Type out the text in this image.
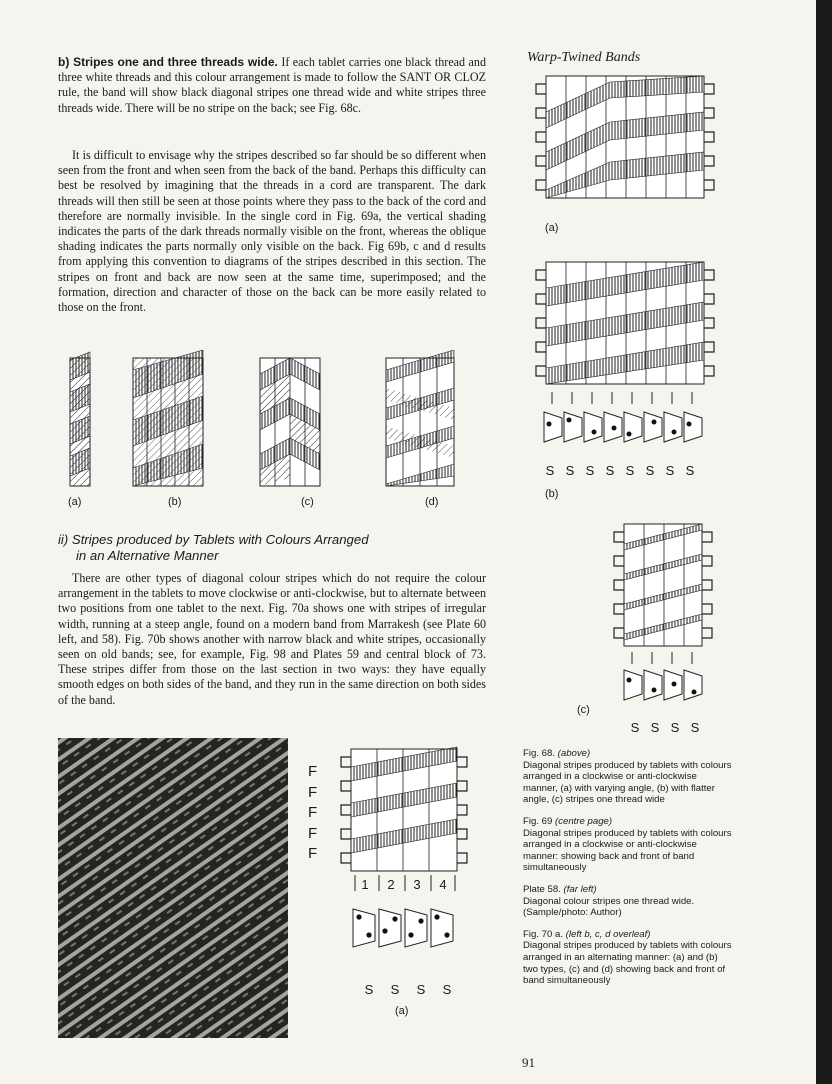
Warp-Twined Bands

b) Stripes one and three threads wide. If each tablet carries one black thread and three white threads and this colour arrangement is made to follow the SANT OR CLOZ rule, the band will show black diagonal stripes one thread wide and white stripes three threads wide. There will be no stripe on the back; see Fig. 68c.

It is difficult to envisage why the stripes described so far should be so different when seen from the front and when seen from the back of the band. Perhaps this difficulty can best be resolved by imagining that the threads in a cord are transparent. The dark threads will then still be seen at those points where they pass to the back of the cord and therefore are normally invisible. In the single cord in Fig. 69a, the vertical shading indicates the parts of the dark threads normally visible on the front, whereas the oblique shading indicates the parts normally only visible on the back. Fig 69b, c and d results from applying this convention to diagrams of the stripes described in this section. The stripes on front and back are now seen at the same time, superimposed; and the formation, direction and character of those on the back can be more easily related to those on the front.

(a)	(b)	(c)	(d)
ii) Stripes produced by Tablets with Colours Arranged
in an Alternative Manner

There are other types of diagonal colour stripes which do not require the colour arrangement in the tablets to move clockwise or anti-clockwise, but to alternate between two positions from one tablet to the next. Fig. 70a shows one with stripes of irregular width, running at a steep angle, found on a modern band from Marrakesh (see Plate 60 left, and 58). Fig. 70b shows another with narrow black and white stripes, occasionally seen on old bands; see, for example, Fig. 98 and Plates 59 and central block of 73. These stripes differ from those on the last section in two ways: they have equally smooth edges on both sides of the band, and they run in the same direction on both sides of the band.

(a)
S S S S S S S S
(b)
S S S S
(c)
F
F
F
F
F
1 2 3 4
S S S S
(a)
Fig. 68. (above)
Diagonal stripes produced by tablets with colours arranged in a clockwise or anti-clockwise manner, (a) with varying angle, (b) with flatter angle, (c) stripes one thread wide
Fig. 69 (centre page)
Diagonal stripes produced by tablets with colours arranged in a clockwise or anti-clockwise manner: showing back and front of band simultaneously
Plate 58. (far left)
Diagonal colour stripes one thread wide. (Sample/photo: Author)
Fig. 70 a. (left b, c, d overleaf)
Diagonal stripes produced by tablets with colours arranged in an alternating manner: (a) and (b) two types, (c) and (d) showing back and front of band simultaneously
91
